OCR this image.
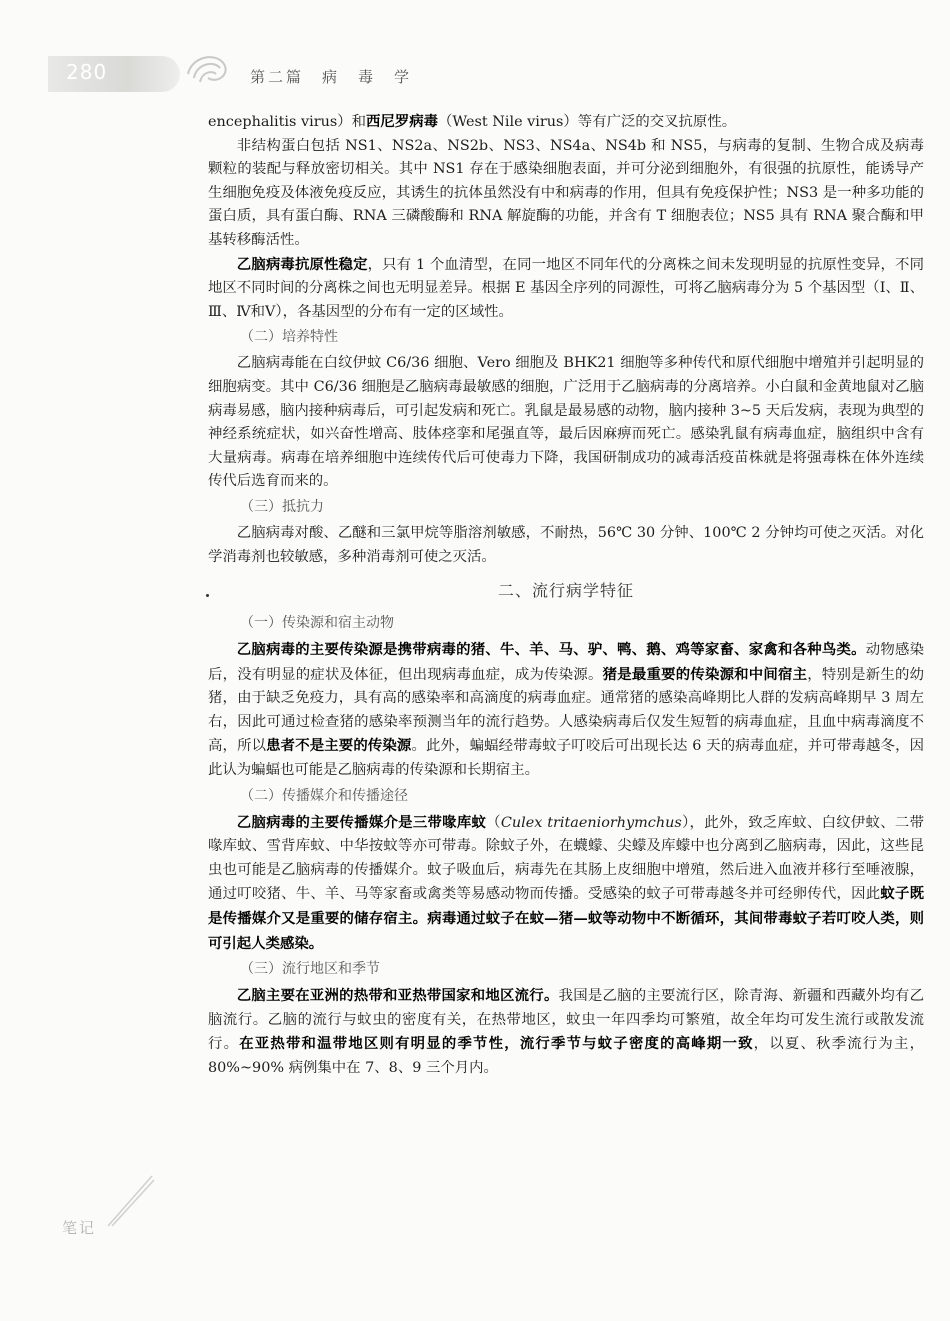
280	第二篇　病　毒　学

encephalitis virus）和西尼罗病毒（West Nile virus）等有广泛的交叉抗原性。

非结构蛋白包括 NS1、NS2a、NS2b、NS3、NS4a、NS4b 和 NS5，与病毒的复制、生物合成及病毒颗粒的装配与释放密切相关。其中 NS1 存在于感染细胞表面，并可分泌到细胞外，有很强的抗原性，能诱导产生细胞免疫及体液免疫反应，其诱生的抗体虽然没有中和病毒的作用，但具有免疫保护性；NS3 是一种多功能的蛋白质，具有蛋白酶、RNA 三磷酸酶和 RNA 解旋酶的功能，并含有 T 细胞表位；NS5 具有 RNA 聚合酶和甲基转移酶活性。

乙脑病毒抗原性稳定，只有 1 个血清型，在同一地区不同年代的分离株之间未发现明显的抗原性变异，不同地区不同时间的分离株之间也无明显差异。根据 E 基因全序列的同源性，可将乙脑病毒分为 5 个基因型（Ⅰ、Ⅱ、Ⅲ、Ⅳ和Ⅴ），各基因型的分布有一定的区域性。

（二）培养特性

乙脑病毒能在白纹伊蚊 C6/36 细胞、Vero 细胞及 BHK21 细胞等多种传代和原代细胞中增殖并引起明显的细胞病变。其中 C6/36 细胞是乙脑病毒最敏感的细胞，广泛用于乙脑病毒的分离培养。小白鼠和金黄地鼠对乙脑病毒易感，脑内接种病毒后，可引起发病和死亡。乳鼠是最易感的动物，脑内接种 3~5 天后发病，表现为典型的神经系统症状，如兴奋性增高、肢体痉挛和尾强直等，最后因麻痹而死亡。感染乳鼠有病毒血症，脑组织中含有大量病毒。病毒在培养细胞中连续传代后可使毒力下降，我国研制成功的减毒活疫苗株就是将强毒株在体外连续传代后选育而来的。

（三）抵抗力

乙脑病毒对酸、乙醚和三氯甲烷等脂溶剂敏感，不耐热，56℃ 30 分钟、100℃ 2 分钟均可使之灭活。对化学消毒剂也较敏感，多种消毒剂可使之灭活。

二、流行病学特征
（一）传染源和宿主动物

乙脑病毒的主要传染源是携带病毒的猪、牛、羊、马、驴、鸭、鹅、鸡等家畜、家禽和各种鸟类。动物感染后，没有明显的症状及体征，但出现病毒血症，成为传染源。猪是最重要的传染源和中间宿主，特别是新生的幼猪，由于缺乏免疫力，具有高的感染率和高滴度的病毒血症。通常猪的感染高峰期比人群的发病高峰期早 3 周左右，因此可通过检查猪的感染率预测当年的流行趋势。人感染病毒后仅发生短暂的病毒血症，且血中病毒滴度不高，所以患者不是主要的传染源。此外，蝙蝠经带毒蚊子叮咬后可出现长达 6 天的病毒血症，并可带毒越冬，因此认为蝙蝠也可能是乙脑病毒的传染源和长期宿主。

（二）传播媒介和传播途径

乙脑病毒的主要传播媒介是三带喙库蚊（Culex tritaeniorhymchus），此外，致乏库蚊、白纹伊蚊、二带喙库蚊、雪背库蚊、中华按蚊等亦可带毒。除蚊子外，在蠛蠓、尖蠓及库蠓中也分离到乙脑病毒，因此，这些昆虫也可能是乙脑病毒的传播媒介。蚊子吸血后，病毒先在其肠上皮细胞中增殖，然后进入血液并移行至唾液腺，通过叮咬猪、牛、羊、马等家畜或禽类等易感动物而传播。受感染的蚊子可带毒越冬并可经卵传代，因此蚊子既是传播媒介又是重要的储存宿主。病毒通过蚊子在蚊—猪—蚊等动物中不断循环，其间带毒蚊子若叮咬人类，则可引起人类感染。

（三）流行地区和季节

乙脑主要在亚洲的热带和亚热带国家和地区流行。我国是乙脑的主要流行区，除青海、新疆和西藏外均有乙脑流行。乙脑的流行与蚊虫的密度有关，在热带地区，蚊虫一年四季均可繁殖，故全年均可发生流行或散发流行。在亚热带和温带地区则有明显的季节性，流行季节与蚊子密度的高峰期一致，以夏、秋季流行为主，80%~90% 病例集中在 7、8、9 三个月内。

笔记
